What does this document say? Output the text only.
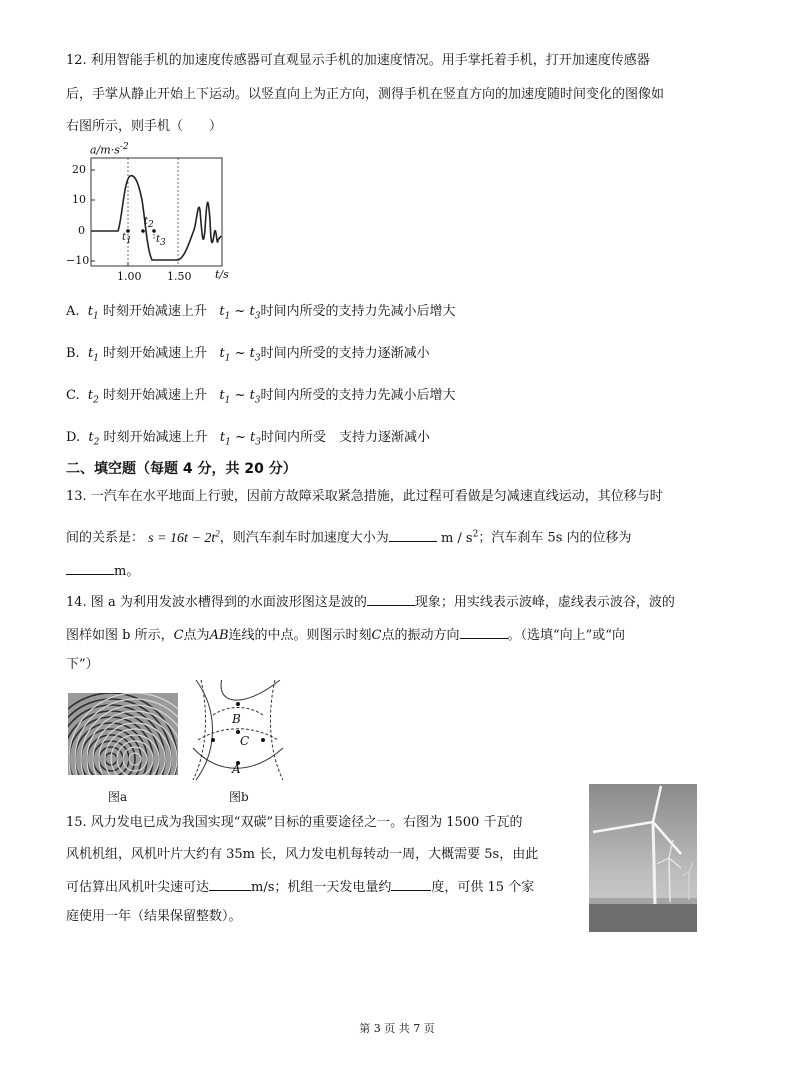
12. 利用智能手机的加速度传感器可直观显示手机的加速度情况。用手掌托着手机，打开加速度传感器
后，手掌从静止开始上下运动。以竖直向上为正方向，测得手机在竖直方向的加速度随时间变化的图像如
右图所示，则手机（　　）
$a/m\cdot s^{-2}$
20
10
0
−10
1.00 1.50 t/s
$t_1$
$t_2$
$t_3$
A. $t_1$ 时刻开始减速上升 $t_1$ ~ $t_3$时间内所受的支持力先减小后增大
B. $t_1$ 时刻开始减速上升 $t_1$ ~ $t_3$时间内所受的支持力逐渐减小
C. $t_2$ 时刻开始减速上升 $t_1$ ~ $t_3$时间内所受的支持力先减小后增大
D. $t_2$ 时刻开始减速上升 $t_1$ ~ $t_3$时间内所受　支持力逐渐减小
二、填空题（每题 4 分，共 20 分）
13. 一汽车在水平地面上行驶，因前方故障采取紧急措施，此过程可看做是匀减速直线运动，其位移与时
间的关系是： $s = 16t - 2t^2$，则汽车刹车时加速度大小为	m / $s^2$；汽车刹车 5s 内的位移为
m。
14. 图 a 为利用发波水槽得到的水面波形图这是波的	现象；用实线表示波峰，虚线表示波谷，波的
图样如图 b 所示，C点为AB连线的中点。则图示时刻C点的振动方向	。（选填“向上”或“向
下”）
图a
B
C
A
图b
15. 风力发电已成为我国实现“双碳”目标的重要途径之一。右图为 1500 千瓦的
风机机组，风机叶片大约有 35m 长，风力发电机每转动一周，大概需要 5s，由此
可估算出风机叶尖速可达	m/s；机组一天发电量约	度，可供 15 个家
庭使用一年（结果保留整数）。
第 3 页 共 7 页
